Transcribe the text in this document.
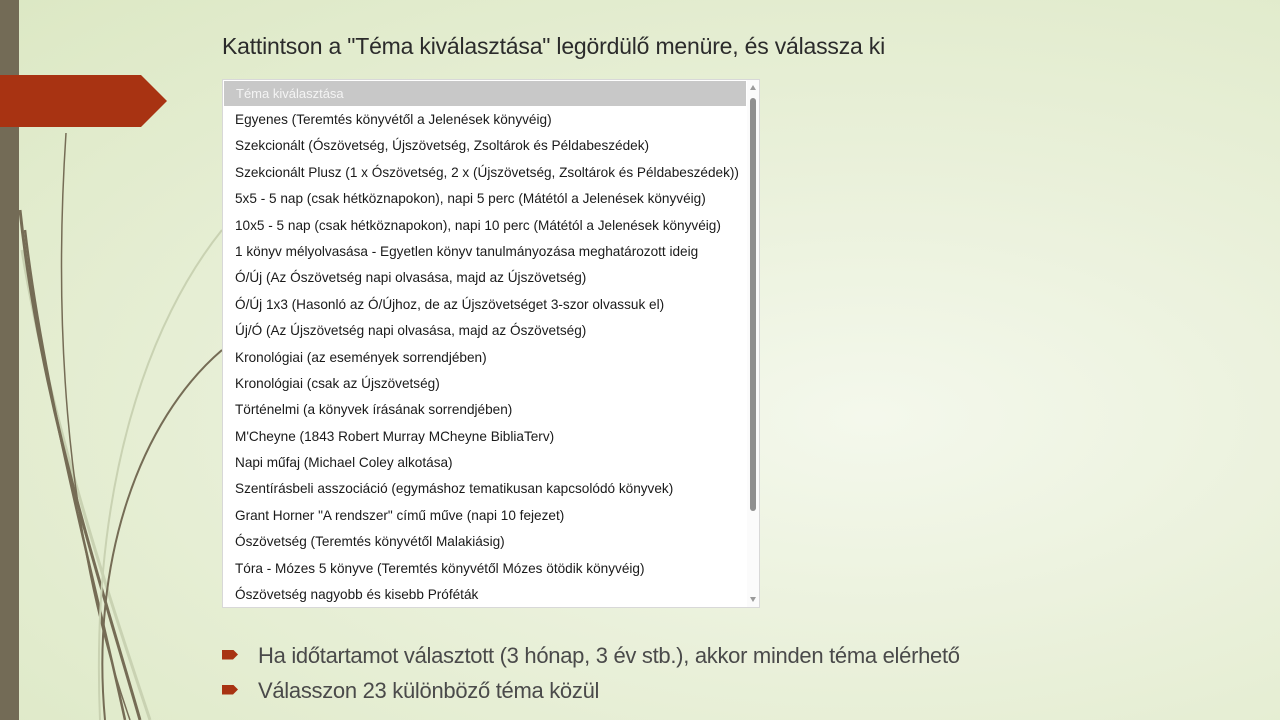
Kattintson a "Téma kiválasztása" legördülő menüre, és válassza ki
Téma kiválasztása
Egyenes (Teremtés könyvétől a Jelenések könyvéig)
Szekcionált (Ószövetség, Újszövetség, Zsoltárok és Példabeszédek)
Szekcionált Plusz (1 x Ószövetség, 2 x (Újszövetség, Zsoltárok és Példabeszédek))
5x5 - 5 nap (csak hétköznapokon), napi 5 perc (Mátétól a Jelenések könyvéig)
10x5 - 5 nap (csak hétköznapokon), napi 10 perc (Mátétól a Jelenések könyvéig)
1 könyv mélyolvasása - Egyetlen könyv tanulmányozása meghatározott ideig
Ó/Új (Az Ószövetség napi olvasása, majd az Újszövetség)
Ó/Új 1x3 (Hasonló az Ó/Újhoz, de az Újszövetséget 3-szor olvassuk el)
Új/Ó (Az Újszövetség napi olvasása, majd az Ószövetség)
Kronológiai (az események sorrendjében)
Kronológiai (csak az Újszövetség)
Történelmi (a könyvek írásának sorrendjében)
M'Cheyne (1843 Robert Murray MCheyne BibliaTerv)
Napi műfaj (Michael Coley alkotása)
Szentírásbeli asszociáció (egymáshoz tematikusan kapcsolódó könyvek)
Grant Horner "A rendszer" című műve (napi 10 fejezet)
Ószövetség (Teremtés könyvétől Malakiásig)
Tóra - Mózes 5 könyve (Teremtés könyvétől Mózes ötödik könyvéig)
Ószövetség nagyobb és kisebb Próféták
Ha időtartamot választott (3 hónap, 3 év stb.), akkor minden téma elérhető
Válasszon 23 különböző téma közül
